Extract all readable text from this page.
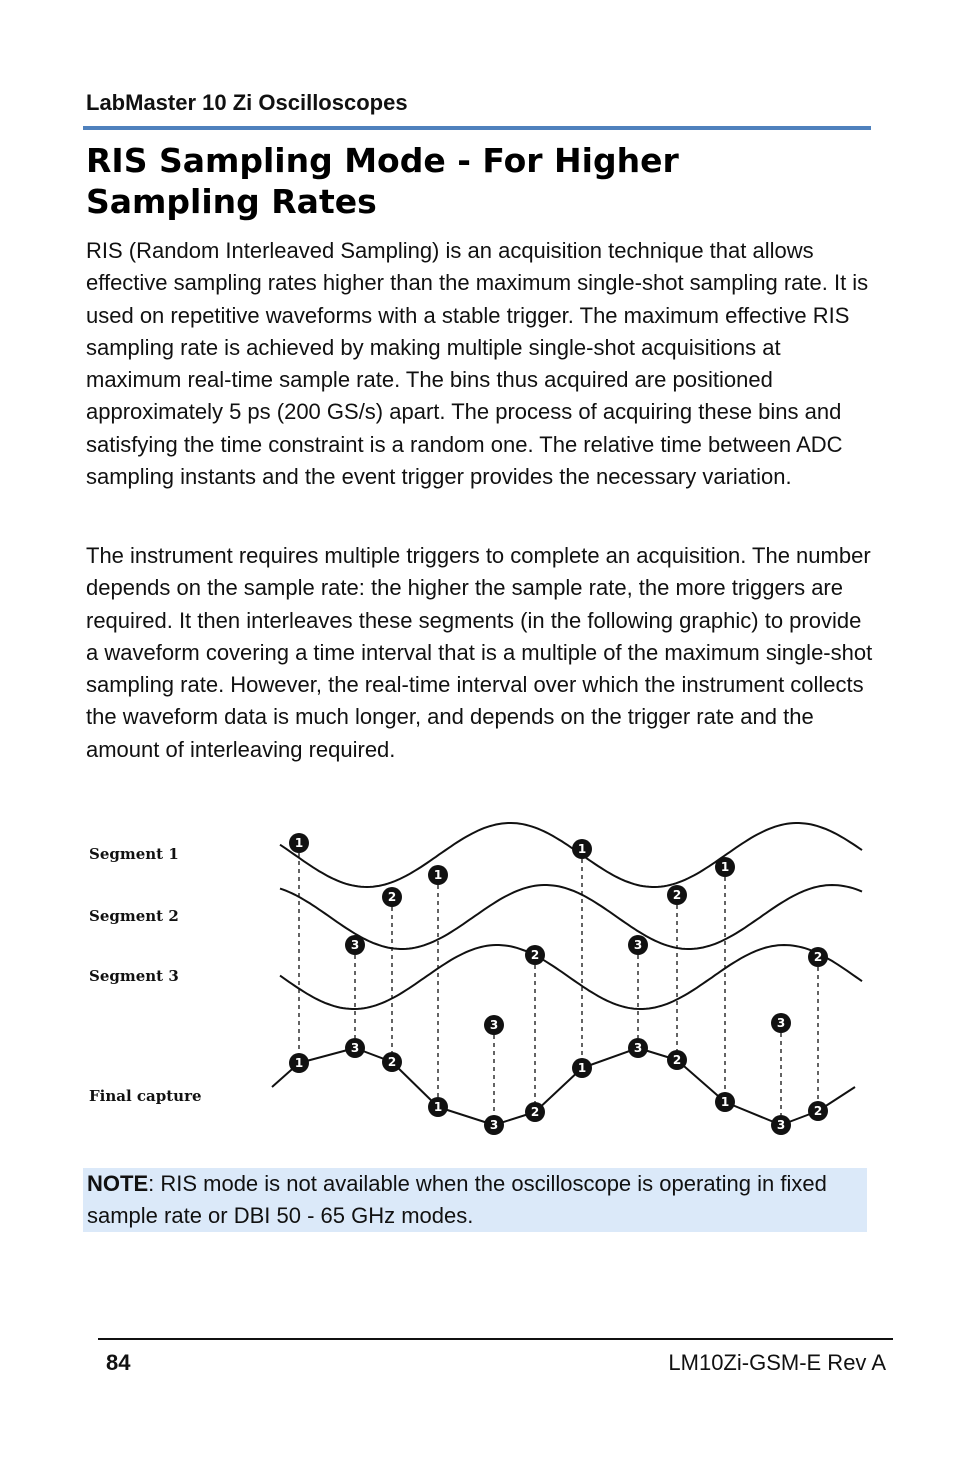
LabMaster 10 Zi Oscilloscopes
RIS Sampling Mode - For Higher
Sampling Rates

RIS (Random Interleaved Sampling) is an acquisition technique that allows effective sampling rates higher than the maximum single-shot sampling rate. It is used on repetitive waveforms with a stable trigger. The maximum effective RIS sampling rate is achieved by making multiple single-shot acquisitions at maximum real-time sample rate. The bins thus acquired are positioned approximately 5 ps (200 GS/s) apart. The process of acquiring these bins and satisfying the time constraint is a random one. The relative time between ADC sampling instants and the event trigger provides the necessary variation.

The instrument requires multiple triggers to complete an acquisition. The number depends on the sample rate: the higher the sample rate, the more triggers are required. It then interleaves these segments (in the following graphic) to provide a waveform covering a time interval that is a multiple of the maximum single-shot sampling rate. However, the real-time interval over which the instrument collects the waveform data is much longer, and depends on the trigger rate and the amount of interleaving required.

1
1
1
1
1
1
1
1
2
2
2
2
2
2
2
2
3
3
3
3
3
3
3
3
Segment 1
Segment 2
Segment 3
Final capture
NOTE: RIS mode is not available when the oscilloscope is operating in fixed sample rate or DBI 50 - 65 GHz modes.
84	LM10Zi-GSM-E Rev A
